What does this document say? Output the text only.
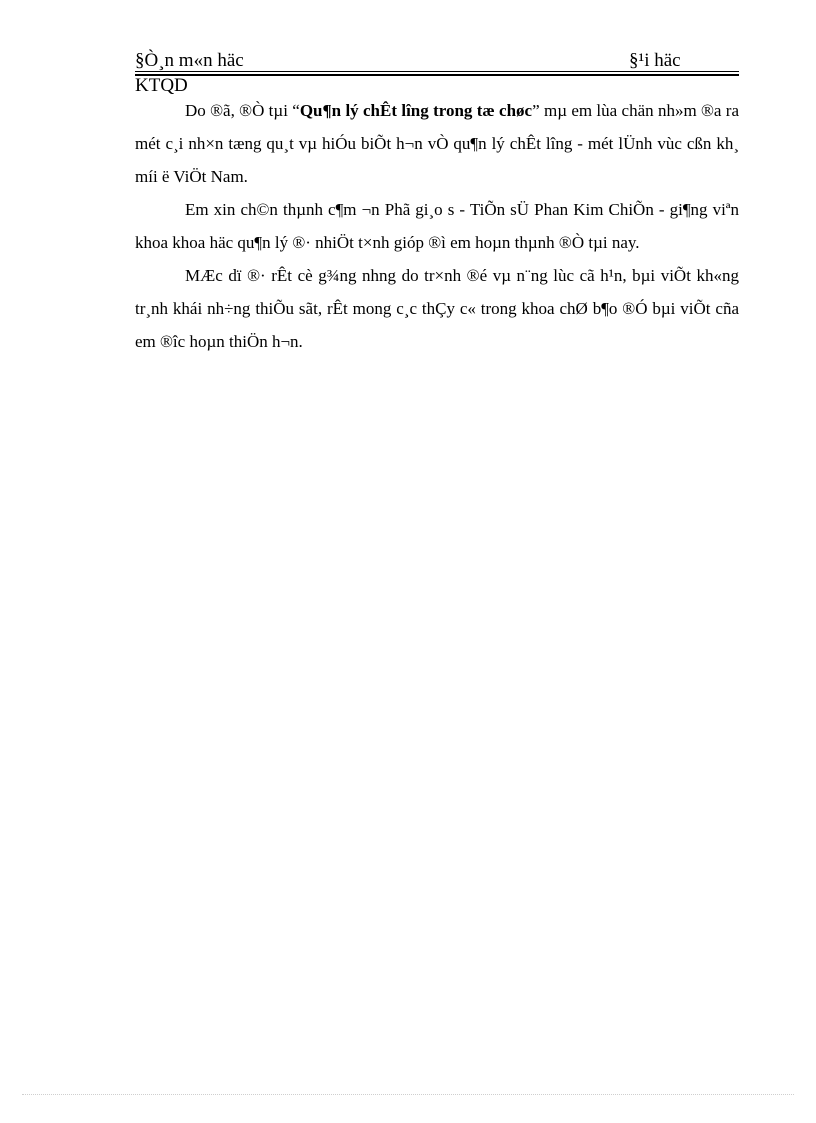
§Ò¸n m«n häc	§¹i häc
KTQD

Do ®ã, ®Ò tµi “Qu¶n lý chÊt lîng trong tæ chøc” mµ em lùa chän nh»m ®a ra mét c¸i nh×n tæng qu¸t vµ hiÓu biÕt h¬n vÒ qu¶n lý chÊt lîng - mét lÜnh vùc cßn kh¸ míi ë ViÖt Nam.

Em xin ch©n thµnh c¶m ¬n Phã gi¸o s - TiÕn sÜ Phan Kim ChiÕn - gi¶ng viªn khoa khoa häc qu¶n lý ®· nhiÖt t×nh gióp ®ì em hoµn thµnh ®Ò tµi nay.

MÆc dï ®· rÊt cè g¾ng nhng do tr×nh ®é vµ n¨ng lùc cã h¹n, bµi viÕt kh«ng tr¸nh khái nh÷ng thiÕu sãt, rÊt mong c¸c thÇy c« trong khoa chØ b¶o ®Ó bµi viÕt cña em ®îc hoµn thiÖn h¬n.
